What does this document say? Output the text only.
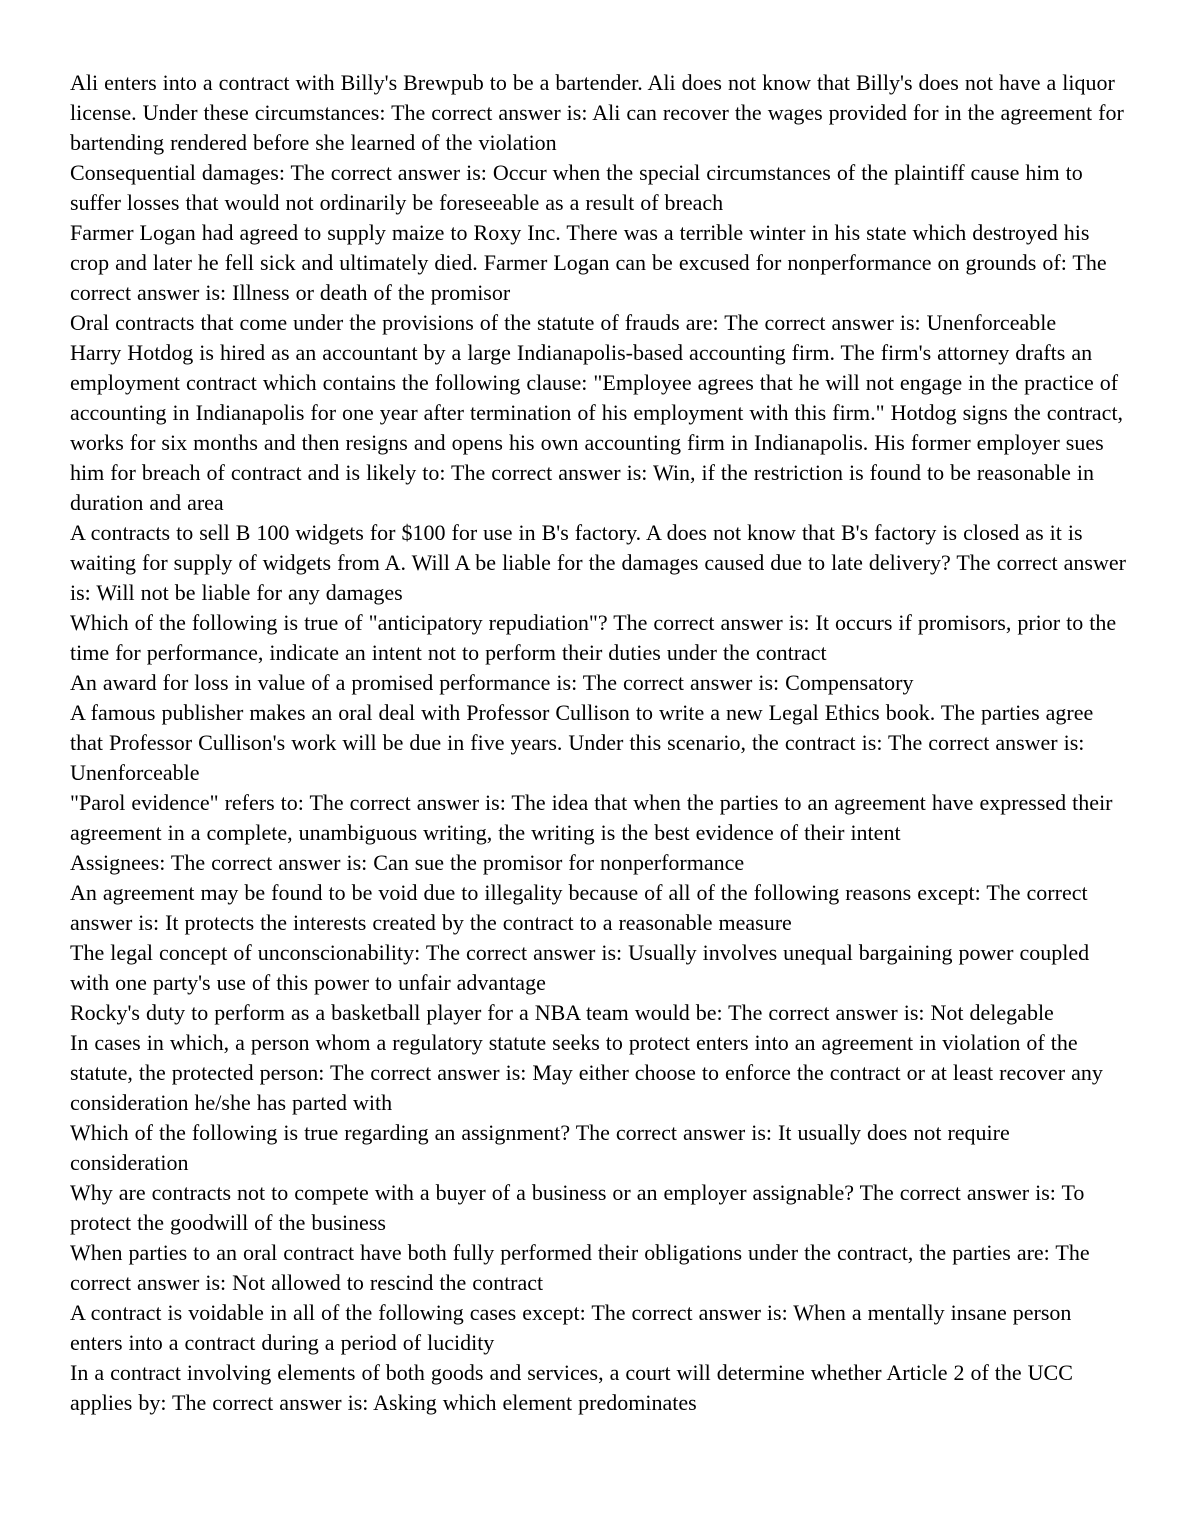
Ali enters into a contract with Billy's Brewpub to be a bartender. Ali does not know that Billy's does not have a liquor license. Under these circumstances: The correct answer is: Ali can recover the wages provided for in the agreement for bartending rendered before she learned of the violation

Consequential damages: The correct answer is: Occur when the special circumstances of the plaintiff cause him to suffer losses that would not ordinarily be foreseeable as a result of breach

Farmer Logan had agreed to supply maize to Roxy Inc. There was a terrible winter in his state which destroyed his crop and later he fell sick and ultimately died. Farmer Logan can be excused for nonperformance on grounds of: The correct answer is: Illness or death of the promisor

Oral contracts that come under the provisions of the statute of frauds are: The correct answer is: Unenforceable

Harry Hotdog is hired as an accountant by a large Indianapolis-based accounting firm. The firm's attorney drafts an employment contract which contains the following clause: "Employee agrees that he will not engage in the practice of accounting in Indianapolis for one year after termination of his employment with this firm." Hotdog signs the contract, works for six months and then resigns and opens his own accounting firm in Indianapolis. His former employer sues him for breach of contract and is likely to: The correct answer is: Win, if the restriction is found to be reasonable in duration and area

A contracts to sell B 100 widgets for $100 for use in B's factory. A does not know that B's factory is closed as it is waiting for supply of widgets from A. Will A be liable for the damages caused due to late delivery? The correct answer is: Will not be liable for any damages

Which of the following is true of "anticipatory repudiation"? The correct answer is: It occurs if promisors, prior to the time for performance, indicate an intent not to perform their duties under the contract

An award for loss in value of a promised performance is: The correct answer is: Compensatory

A famous publisher makes an oral deal with Professor Cullison to write a new Legal Ethics book. The parties agree that Professor Cullison's work will be due in five years. Under this scenario, the contract is: The correct answer is: Unenforceable

"Parol evidence" refers to: The correct answer is: The idea that when the parties to an agreement have expressed their agreement in a complete, unambiguous writing, the writing is the best evidence of their intent

Assignees: The correct answer is: Can sue the promisor for nonperformance

An agreement may be found to be void due to illegality because of all of the following reasons except: The correct answer is: It protects the interests created by the contract to a reasonable measure

The legal concept of unconscionability: The correct answer is: Usually involves unequal bargaining power coupled with one party's use of this power to unfair advantage

Rocky's duty to perform as a basketball player for a NBA team would be: The correct answer is: Not delegable

In cases in which, a person whom a regulatory statute seeks to protect enters into an agreement in violation of the statute, the protected person: The correct answer is: May either choose to enforce the contract or at least recover any consideration he/she has parted with

Which of the following is true regarding an assignment? The correct answer is: It usually does not require consideration

Why are contracts not to compete with a buyer of a business or an employer assignable? The correct answer is: To protect the goodwill of the business

When parties to an oral contract have both fully performed their obligations under the contract, the parties are: The correct answer is: Not allowed to rescind the contract

A contract is voidable in all of the following cases except: The correct answer is: When a mentally insane person enters into a contract during a period of lucidity

In a contract involving elements of both goods and services, a court will determine whether Article 2 of the UCC applies by: The correct answer is: Asking which element predominates
